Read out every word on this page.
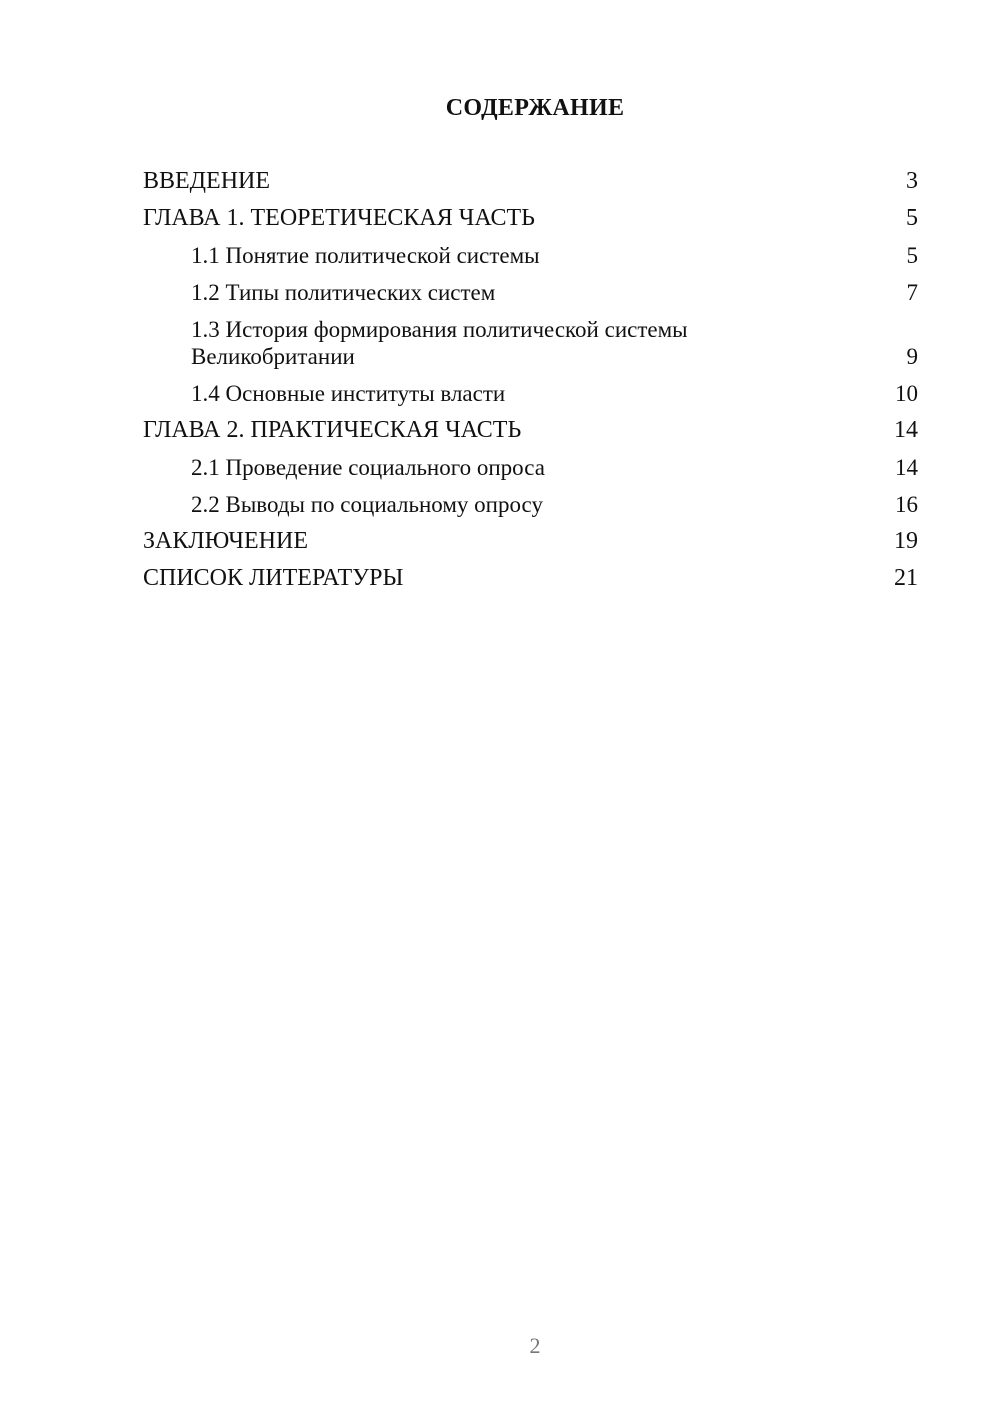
СОДЕРЖАНИЕ
ВВЕДЕНИЕ	3
ГЛАВА 1. ТЕОРЕТИЧЕСКАЯ ЧАСТЬ	5
1.1 Понятие политической системы	5
1.2 Типы политических систем	7
1.3 История формирования политической системы
Великобритании	9
1.4 Основные институты власти	10
ГЛАВА 2. ПРАКТИЧЕСКАЯ ЧАСТЬ	14
2.1 Проведение социального опроса	14
2.2 Выводы по социальному опросу	16
ЗАКЛЮЧЕНИЕ	19
СПИСОК ЛИТЕРАТУРЫ	21
2
